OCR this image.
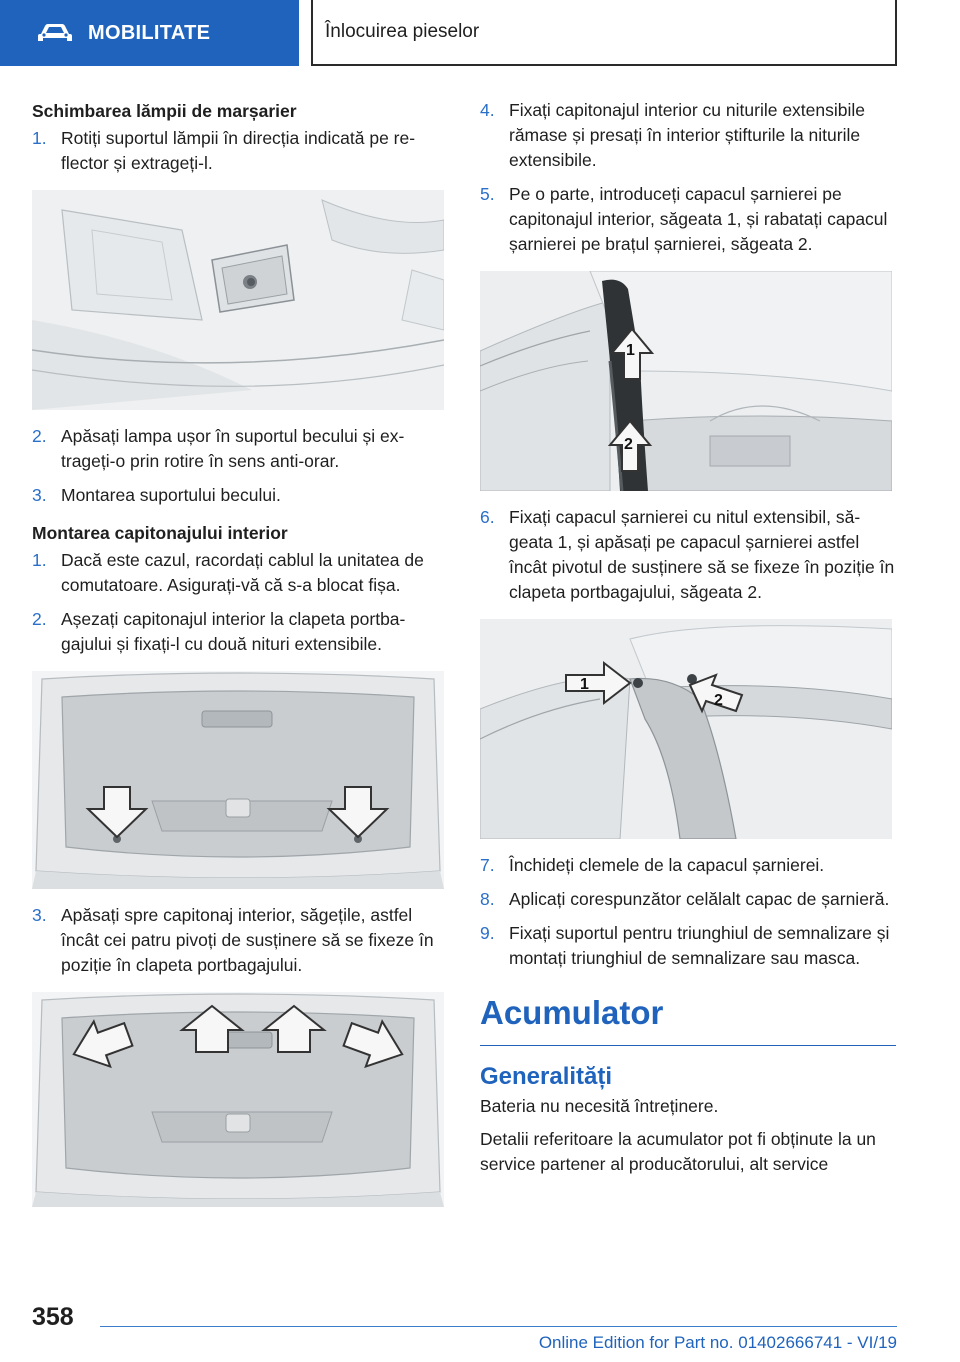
MOBILITATE	Înlocuirea pieselor
Schimbarea lămpii de marșarier
1. Rotiți suportul lămpii în direcția indicată pe reflector și extrageți-l.
2. Apăsați lampa ușor în suportul becului și extrageți-o prin rotire în sens anti-orar.
3. Montarea suportului becului.
Montarea capitonajului interior
1. Dacă este cazul, racordați cablul la unitatea de comutatoare. Asigurați-vă că s-a blocat fișa.
2. Așezați capitonajul interior la clapeta portbagajului și fixați-l cu două nituri extensibile.
3. Apăsați spre capitonaj interior, săgețile, astfel încât cei patru pivoți de susținere să se fixeze în poziție în clapeta portbagajului.
4. Fixați capitonajul interior cu niturile extensibile rămase și presați în interior știfturile la niturile extensibile.
5. Pe o parte, introduceți capacul șarnierei pe capitonajul interior, săgeata 1, și rabatați capacul șarnierei pe brațul șarnierei, săgeata 2.
1
2
6. Fixați capacul șarnierei cu nitul extensibil, săgeata 1, și apăsați pe capacul șarnierei astfel încât pivotul de susținere să se fixeze în poziție în clapeta portbagajului, săgeata 2.
1
2
7. Închideți clemele de la capacul șarnierei.
8. Aplicați corespunzător celălalt capac de șarnieră.
9. Fixați suportul pentru triunghiul de semnalizare și montați triunghiul de semnalizare sau masca.
Acumulator
Generalități
Bateria nu necesită întreținere.
Detalii referitoare la acumulator pot fi obținute la un service partener al producătorului, alt service
358
Online Edition for Part no. 01402666741 - VI/19
